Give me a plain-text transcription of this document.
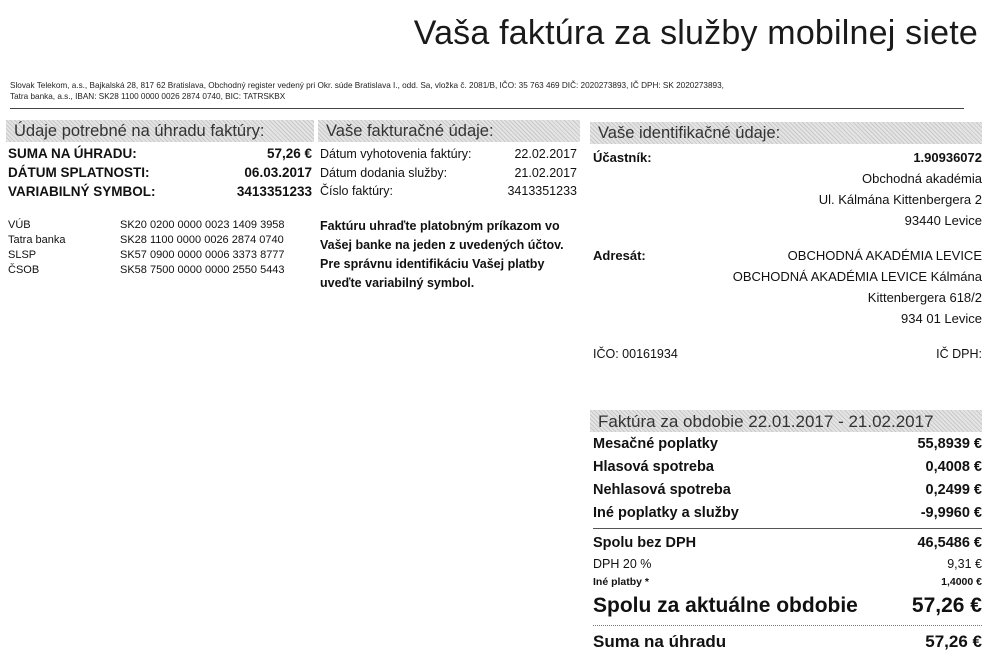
Vaša faktúra za služby mobilnej siete
Slovak Telekom, a.s., Bajkalská 28, 817 62 Bratislava, Obchodný register vedený pri Okr. súde Bratislava I., odd. Sa, vložka č. 2081/B, IČO: 35 763 469 DIČ: 2020273893, IČ DPH: SK 2020273893,
Tatra banka, a.s., IBAN: SK28 1100 0000 0026 2874 0740, BIC: TATRSKBX
Údaje potrebné na úhradu faktúry:
SUMA NA ÚHRADU:	57,26 €
DÁTUM SPLATNOSTI:	06.03.2017
VARIABILNÝ SYMBOL:	3413351233
VÚB	SK20 0200 0000 0023 1409 3958
Tatra banka	SK28 1100 0000 0026 2874 0740
SLSP	SK57 0900 0000 0006 3373 8777
ČSOB	SK58 7500 0000 0000 2550 5443
Vaše fakturačné údaje:
Dátum vyhotovenia faktúry:	22.02.2017
Dátum dodania služby:	21.02.2017
Číslo faktúry:	3413351233
Faktúru uhraďte platobným príkazom vo Vašej banke na jeden z uvedených účtov. Pre správnu identifikáciu Vašej platby uveďte variabilný symbol.
Vaše identifikačné údaje:
Účastník:	1.90936072
Obchodná akadémia
Ul. Kálmána Kittenbergera 2
93440 Levice
Adresát:	OBCHODNÁ AKADÉMIA LEVICE
OBCHODNÁ AKADÉMIA LEVICE Kálmána
Kittenbergera 618/2
934 01 Levice
IČO: 00161934	IČ DPH:
Faktúra za obdobie 22.01.2017 - 21.02.2017
Mesačné poplatky	55,8939 €
Hlasová spotreba	0,4008 €
Nehlasová spotreba	0,2499 €
Iné poplatky a služby	-9,9960 €
Spolu bez DPH	46,5486 €
DPH 20 %	9,31 €
Iné platby *	1,4000 €
Spolu za aktuálne obdobie	57,26 €
Suma na úhradu	57,26 €
